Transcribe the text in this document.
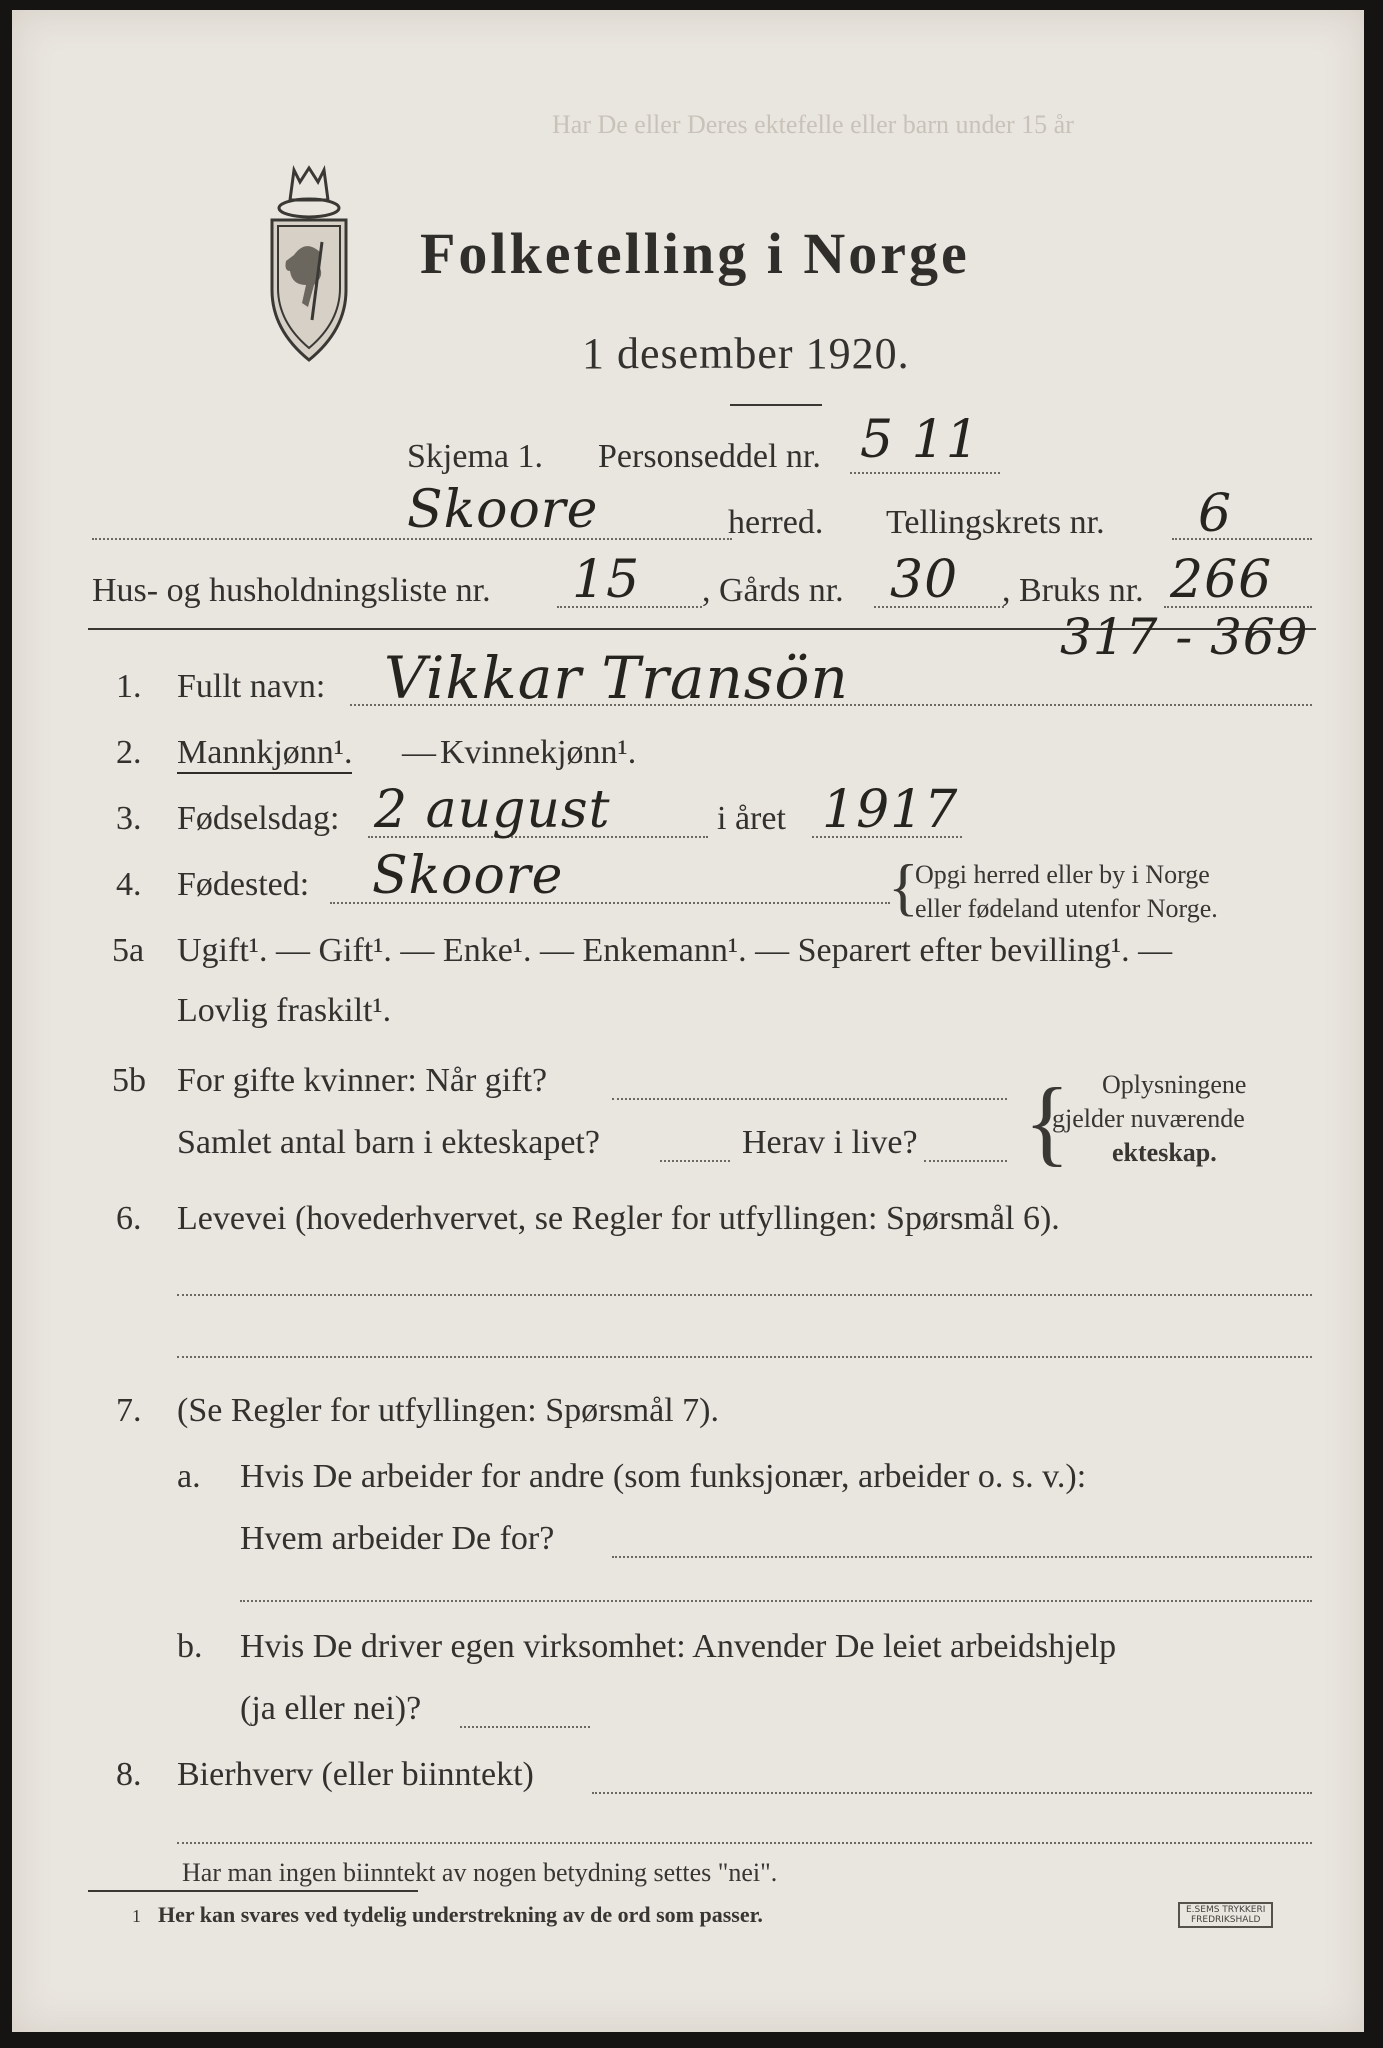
Har De eller Deres ektefelle eller barn under 15 år
Folketelling i Norge
1 desember 1920.
Skjema 1. Personseddel nr. 5 11
Skoore	herred. Tellingskrets nr. 6
Hus- og husholdningsliste nr. 15 , Gårds nr. 30 , Bruks nr. 266
1. Fullt navn: Vikkar Transön
317 - 369
2. Mannkjønn¹. — Kvinnekjønn¹.
3. Fødselsdag: 2 august	i året 1917
4. Fødested: Skoore	{
Opgi herred eller by i Norge
eller fødeland utenfor Norge.
5a Ugift¹. — Gift¹. — Enke¹. — Enkemann¹. — Separert efter bevilling¹. —
Lovlig fraskilt¹.
5b For gifte kvinner: Når gift?
Samlet antal barn i ekteskapet?	Herav i live? { Oplysningene
gjelder nuværende
ekteskap.
6. Levevei (hovederhvervet, se Regler for utfyllingen: Spørsmål 6).
7. (Se Regler for utfyllingen: Spørsmål 7).
a. Hvis De arbeider for andre (som funksjonær, arbeider o. s. v.):
Hvem arbeider De for?
b. Hvis De driver egen virksomhet: Anvender De leiet arbeidshjelp
(ja eller nei)?
8. Bierhverv (eller biinntekt)
Har man ingen biinntekt av nogen betydning settes "nei".
1 Her kan svares ved tydelig understrekning av de ord som passer.	E.SEMS TRYKKERI
FREDRIKSHALD
